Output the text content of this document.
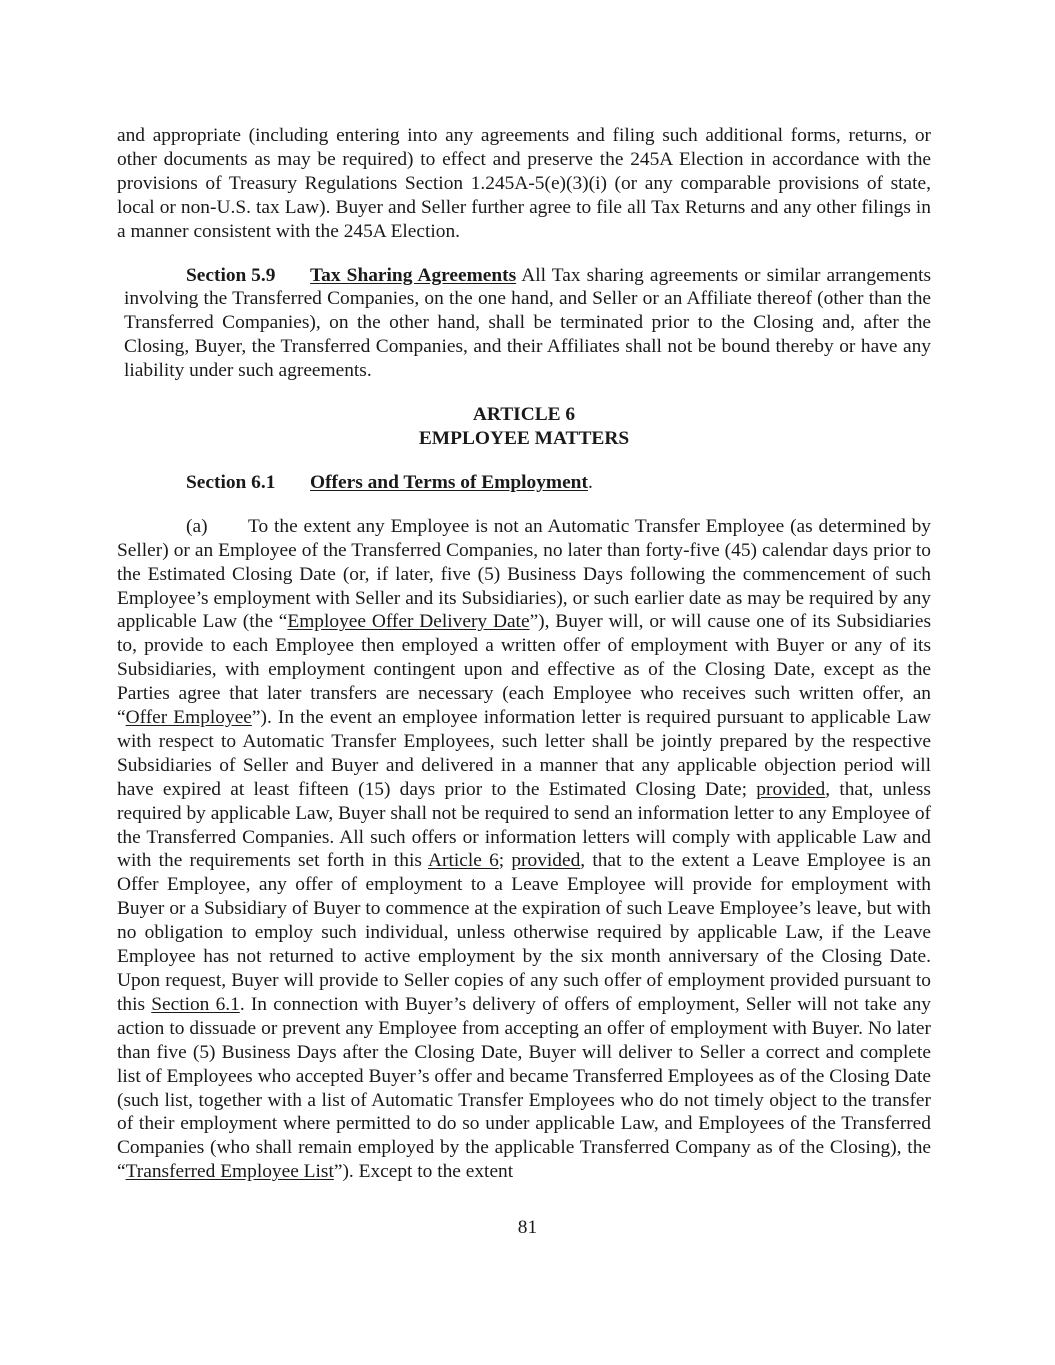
and appropriate (including entering into any agreements and filing such additional forms, returns, or other documents as may be required) to effect and preserve the 245A Election in accordance with the provisions of Treasury Regulations Section 1.245A-5(e)(3)(i) (or any comparable provisions of state, local or non-U.S. tax Law). Buyer and Seller further agree to file all Tax Returns and any other filings in a manner consistent with the 245A Election.

Section 5.9 Tax Sharing Agreements All Tax sharing agreements or similar arrangements involving the Transferred Companies, on the one hand, and Seller or an Affiliate thereof (other than the Transferred Companies), on the other hand, shall be terminated prior to the Closing and, after the Closing, Buyer, the Transferred Companies, and their Affiliates shall not be bound thereby or have any liability under such agreements.

ARTICLE 6
EMPLOYEE MATTERS

Section 6.1 Offers and Terms of Employment.

(a) To the extent any Employee is not an Automatic Transfer Employee (as determined by Seller) or an Employee of the Transferred Companies, no later than forty-five (45) calendar days prior to the Estimated Closing Date (or, if later, five (5) Business Days following the commencement of such Employee’s employment with Seller and its Subsidiaries), or such earlier date as may be required by any applicable Law (the “Employee Offer Delivery Date”), Buyer will, or will cause one of its Subsidiaries to, provide to each Employee then employed a written offer of employment with Buyer or any of its Subsidiaries, with employment contingent upon and effective as of the Closing Date, except as the Parties agree that later transfers are necessary (each Employee who receives such written offer, an “Offer Employee”). In the event an employee information letter is required pursuant to applicable Law with respect to Automatic Transfer Employees, such letter shall be jointly prepared by the respective Subsidiaries of Seller and Buyer and delivered in a manner that any applicable objection period will have expired at least fifteen (15) days prior to the Estimated Closing Date; provided, that, unless required by applicable Law, Buyer shall not be required to send an information letter to any Employee of the Transferred Companies. All such offers or information letters will comply with applicable Law and with the requirements set forth in this Article 6; provided, that to the extent a Leave Employee is an Offer Employee, any offer of employment to a Leave Employee will provide for employment with Buyer or a Subsidiary of Buyer to commence at the expiration of such Leave Employee’s leave, but with no obligation to employ such individual, unless otherwise required by applicable Law, if the Leave Employee has not returned to active employment by the six month anniversary of the Closing Date. Upon request, Buyer will provide to Seller copies of any such offer of employment provided pursuant to this Section 6.1. In connection with Buyer’s delivery of offers of employment, Seller will not take any action to dissuade or prevent any Employee from accepting an offer of employment with Buyer. No later than five (5) Business Days after the Closing Date, Buyer will deliver to Seller a correct and complete list of Employees who accepted Buyer’s offer and became Transferred Employees as of the Closing Date (such list, together with a list of Automatic Transfer Employees who do not timely object to the transfer of their employment where permitted to do so under applicable Law, and Employees of the Transferred Companies (who shall remain employed by the applicable Transferred Company as of the Closing), the “Transferred Employee List”). Except to the extent

81
